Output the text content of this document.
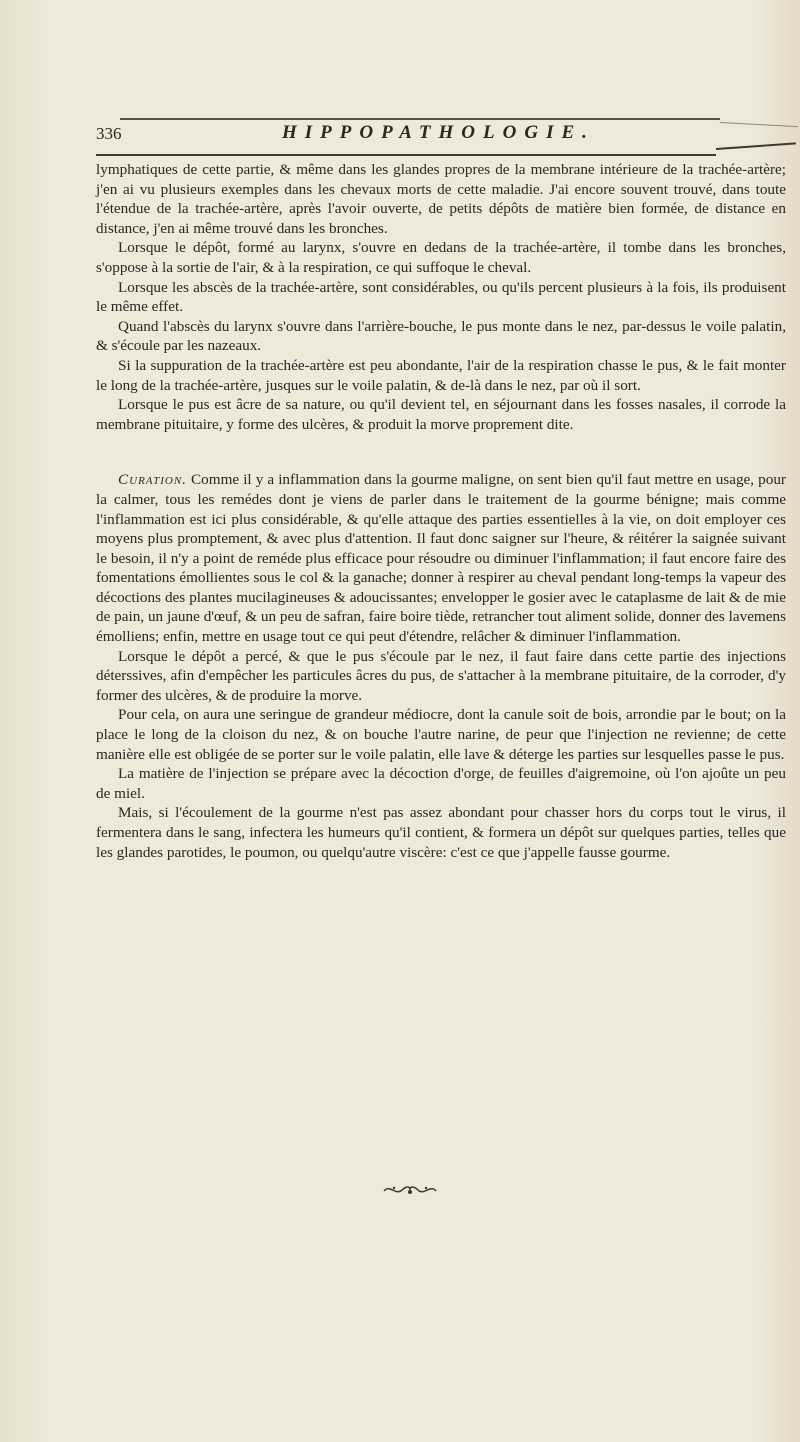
336	HIPPOPATHOLOGIE.

lymphatiques de cette partie, & même dans les glandes propres de la membrane intérieure de la trachée-artère; j'en ai vu plusieurs exemples dans les chevaux morts de cette maladie. J'ai encore souvent trouvé, dans toute l'étendue de la trachée-artère, après l'avoir ouverte, de petits dépôts de matière bien formée, de distance en distance, j'en ai même trouvé dans les bronches.

Lorsque le dépôt, formé au larynx, s'ouvre en dedans de la trachée-artère, il tombe dans les bronches, s'oppose à la sortie de l'air, & à la respiration, ce qui suffoque le cheval.

Lorsque les abscès de la trachée-artère, sont considérables, ou qu'ils percent plusieurs à la fois, ils produisent le même effet.

Quand l'abscès du larynx s'ouvre dans l'arrière-bouche, le pus monte dans le nez, par-dessus le voile palatin, & s'écoule par les nazeaux.

Si la suppuration de la trachée-artère est peu abondante, l'air de la respiration chasse le pus, & le fait monter le long de la trachée-artère, jusques sur le voile palatin, & de-là dans le nez, par où il sort.

Lorsque le pus est âcre de sa nature, ou qu'il devient tel, en séjournant dans les fosses nasales, il corrode la membrane pituitaire, y forme des ulcères, & produit la morve proprement dite.

Curation. Comme il y a inflammation dans la gourme maligne, on sent bien qu'il faut mettre en usage, pour la calmer, tous les remédes dont je viens de parler dans le traitement de la gourme bénigne; mais comme l'inflammation est ici plus considérable, & qu'elle attaque des parties essentielles à la vie, on doit employer ces moyens plus promptement, & avec plus d'attention. Il faut donc saigner sur l'heure, & réitérer la saignée suivant le besoin, il n'y a point de reméde plus efficace pour résoudre ou diminuer l'inflammation; il faut encore faire des fomentations émollientes sous le col & la ganache; donner à respirer au cheval pendant long-temps la vapeur des décoctions des plantes mucilagineuses & adoucissantes; envelopper le gosier avec le cataplasme de lait & de mie de pain, un jaune d'œuf, & un peu de safran, faire boire tiède, retrancher tout aliment solide, donner des lavemens émolliens; enfin, mettre en usage tout ce qui peut d'étendre, relâcher & diminuer l'inflammation.

Lorsque le dépôt a percé, & que le pus s'écoule par le nez, il faut faire dans cette partie des injections déterssives, afin d'empêcher les particules âcres du pus, de s'attacher à la membrane pituitaire, de la corroder, d'y former des ulcères, & de produire la morve.

Pour cela, on aura une seringue de grandeur médiocre, dont la canule soit de bois, arrondie par le bout; on la place le long de la cloison du nez, & on bouche l'autre narine, de peur que l'injection ne revienne; de cette manière elle est obligée de se porter sur le voile palatin, elle lave & déterge les parties sur lesquelles passe le pus.

La matière de l'injection se prépare avec la décoction d'orge, de feuilles d'aigremoine, où l'on ajoûte un peu de miel.

Mais, si l'écoulement de la gourme n'est pas assez abondant pour chasser hors du corps tout le virus, il fermentera dans le sang, infectera les humeurs qu'il contient, & formera un dépôt sur quelques parties, telles que les glandes parotides, le poumon, ou quelqu'autre viscère: c'est ce que j'appelle fausse gourme.
